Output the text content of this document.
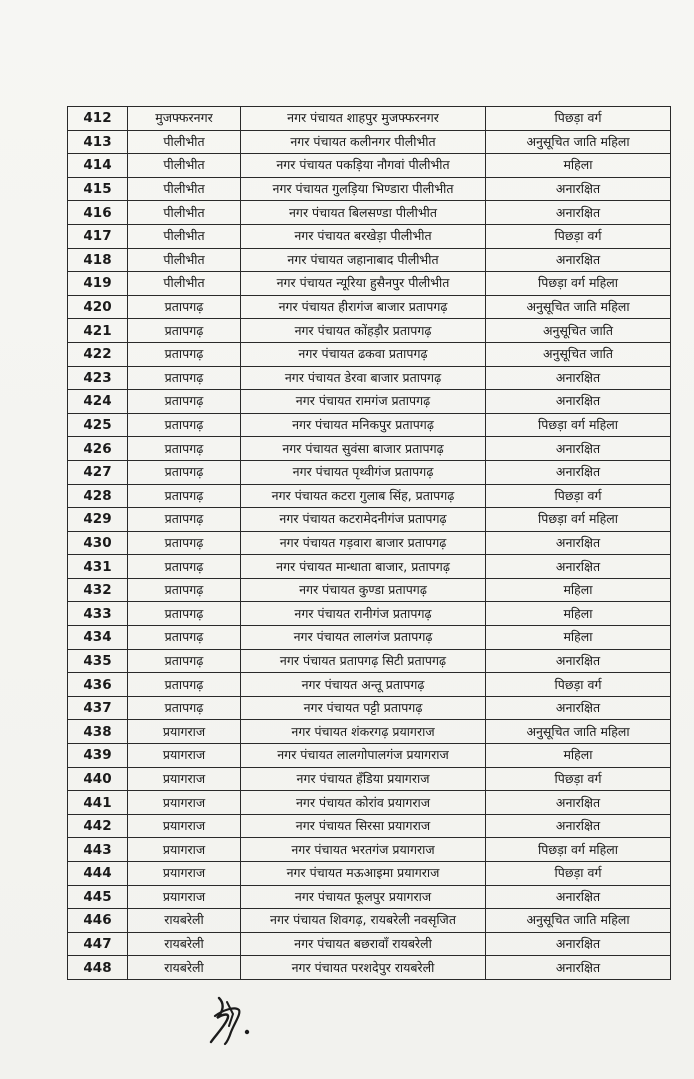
412	मुजफ्फरनगर	नगर पंचायत शाहपुर मुजफ्फरनगर	पिछड़ा वर्ग
413	पीलीभीत	नगर पंचायत कलीनगर पीलीभीत	अनुसूचित जाति महिला
414	पीलीभीत	नगर पंचायत पकड़िया नौगवां पीलीभीत	महिला
415	पीलीभीत	नगर पंचायत गुलड़िया भिण्डारा पीलीभीत	अनारक्षित
416	पीलीभीत	नगर पंचायत बिलसण्डा पीलीभीत	अनारक्षित
417	पीलीभीत	नगर पंचायत बरखेड़ा पीलीभीत	पिछड़ा वर्ग
418	पीलीभीत	नगर पंचायत जहानाबाद पीलीभीत	अनारक्षित
419	पीलीभीत	नगर पंचायत न्यूरिया हुसैनपुर पीलीभीत	पिछड़ा वर्ग महिला
420	प्रतापगढ़	नगर पंचायत हीरागंज बाजार प्रतापगढ़	अनुसूचित जाति महिला
421	प्रतापगढ़	नगर पंचायत कोंहड़ौर प्रतापगढ़	अनुसूचित जाति
422	प्रतापगढ़	नगर पंचायत ढकवा प्रतापगढ़	अनुसूचित जाति
423	प्रतापगढ़	नगर पंचायत डेरवा बाजार प्रतापगढ़	अनारक्षित
424	प्रतापगढ़	नगर पंचायत रामगंज प्रतापगढ़	अनारक्षित
425	प्रतापगढ़	नगर पंचायत मनिकपुर प्रतापगढ़	पिछड़ा वर्ग महिला
426	प्रतापगढ़	नगर पंचायत सुवंसा बाजार प्रतापगढ़	अनारक्षित
427	प्रतापगढ़	नगर पंचायत पृथ्वीगंज प्रतापगढ़	अनारक्षित
428	प्रतापगढ़	नगर पंचायत कटरा गुलाब सिंह, प्रतापगढ़	पिछड़ा वर्ग
429	प्रतापगढ़	नगर पंचायत कटरामेदनीगंज प्रतापगढ़	पिछड़ा वर्ग महिला
430	प्रतापगढ़	नगर पंचायत गड़वारा बाजार प्रतापगढ़	अनारक्षित
431	प्रतापगढ़	नगर पंचायत मान्धाता बाजार, प्रतापगढ़	अनारक्षित
432	प्रतापगढ़	नगर पंचायत कुण्डा प्रतापगढ़	महिला
433	प्रतापगढ़	नगर पंचायत रानीगंज प्रतापगढ़	महिला
434	प्रतापगढ़	नगर पंचायत लालगंज प्रतापगढ़	महिला
435	प्रतापगढ़	नगर पंचायत प्रतापगढ़ सिटी प्रतापगढ़	अनारक्षित
436	प्रतापगढ़	नगर पंचायत अन्तू प्रतापगढ़	पिछड़ा वर्ग
437	प्रतापगढ़	नगर पंचायत पट्टी प्रतापगढ़	अनारक्षित
438	प्रयागराज	नगर पंचायत शंकरगढ़ प्रयागराज	अनुसूचित जाति महिला
439	प्रयागराज	नगर पंचायत लालगोपालगंज प्रयागराज	महिला
440	प्रयागराज	नगर पंचायत हँडिया प्रयागराज	पिछड़ा वर्ग
441	प्रयागराज	नगर पंचायत कोरांव प्रयागराज	अनारक्षित
442	प्रयागराज	नगर पंचायत सिरसा प्रयागराज	अनारक्षित
443	प्रयागराज	नगर पंचायत भरतगंज प्रयागराज	पिछड़ा वर्ग महिला
444	प्रयागराज	नगर पंचायत मऊआइमा प्रयागराज	पिछड़ा वर्ग
445	प्रयागराज	नगर पंचायत फूलपुर प्रयागराज	अनारक्षित
446	रायबरेली	नगर पंचायत शिवगढ़, रायबरेली नवसृजित	अनुसूचित जाति महिला
447	रायबरेली	नगर पंचायत बछरावाँ रायबरेली	अनारक्षित
448	रायबरेली	नगर पंचायत परशदेपुर रायबरेली	अनारक्षित
